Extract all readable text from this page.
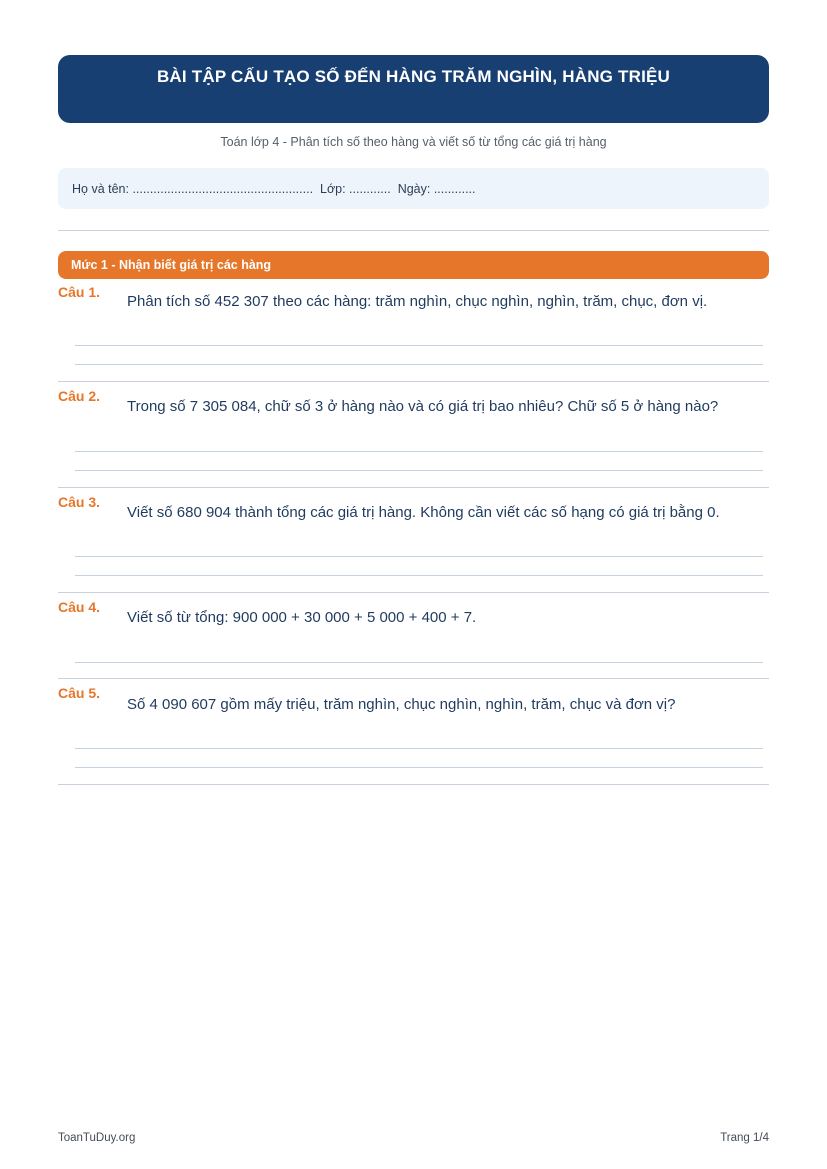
BÀI TẬP CẤU TẠO SỐ ĐẾN HÀNG TRĂM NGHÌN, HÀNG TRIỆU
Toán lớp 4 - Phân tích số theo hàng và viết số từ tổng các giá trị hàng
Họ và tên: ....................................................
Lớp: ............
Ngày: ............
Mức 1 - Nhận biết giá trị các hàng
Câu 1.
Phân tích số 452 307 theo các hàng: trăm nghìn, chục nghìn, nghìn, trăm, chục, đơn vị.
Câu 2.
Trong số 7 305 084, chữ số 3 ở hàng nào và có giá trị bao nhiêu? Chữ số 5 ở hàng nào?
Câu 3.
Viết số 680 904 thành tổng các giá trị hàng. Không cần viết các số hạng có giá trị bằng 0.
Câu 4.
Viết số từ tổng: 900 000 + 30 000 + 5 000 + 400 + 7.
Câu 5.
Số 4 090 607 gồm mấy triệu, trăm nghìn, chục nghìn, nghìn, trăm, chục và đơn vị?
ToanTuDuy.org	Trang 1/4
